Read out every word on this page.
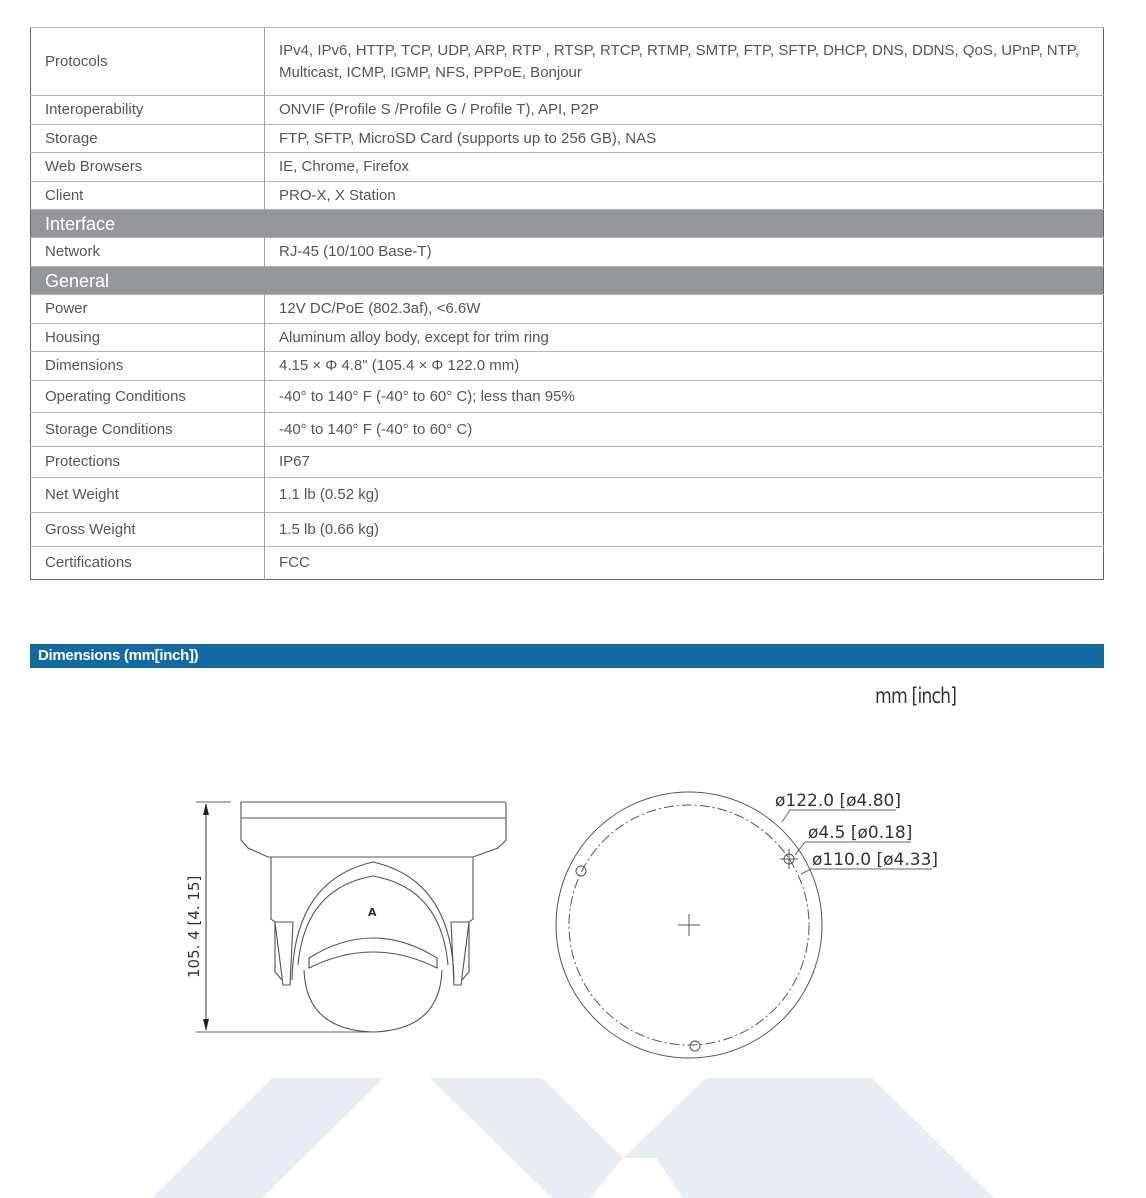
Protocols	IPv4, IPv6, HTTP, TCP, UDP, ARP, RTP , RTSP, RTCP, RTMP, SMTP, FTP, SFTP, DHCP, DNS, DDNS, QoS, UPnP, NTP, Multicast, ICMP, IGMP, NFS, PPPoE, Bonjour
Interoperability	ONVIF (Profile S /Profile G / Profile T), API, P2P
Storage	FTP, SFTP, MicroSD Card (supports up to 256 GB), NAS
Web Browsers	IE, Chrome, Firefox
Client	PRO-X, X Station
Interface	
Network	RJ-45 (10/100 Base-T)
General	
Power	12V DC/PoE (802.3af), <6.6W
Housing	Aluminum alloy body, except for trim ring
Dimensions	4.15 × Φ 4.8" (105.4 × Φ 122.0 mm)
Operating Conditions	-40° to 140° F (-40° to 60° C); less than 95%
Storage Conditions	-40° to 140° F (-40° to 60° C)
Protections	IP67
Net Weight	1.1 lb (0.52 kg)
Gross Weight	1.5 lb (0.66 kg)
Certifications	FCC
Dimensions (mm[inch])
mm [inch]
A
105. 4 [4. 15]
ø122.0 [ø4.80]
ø4.5 [ø0.18]
ø110.0 [ø4.33]
